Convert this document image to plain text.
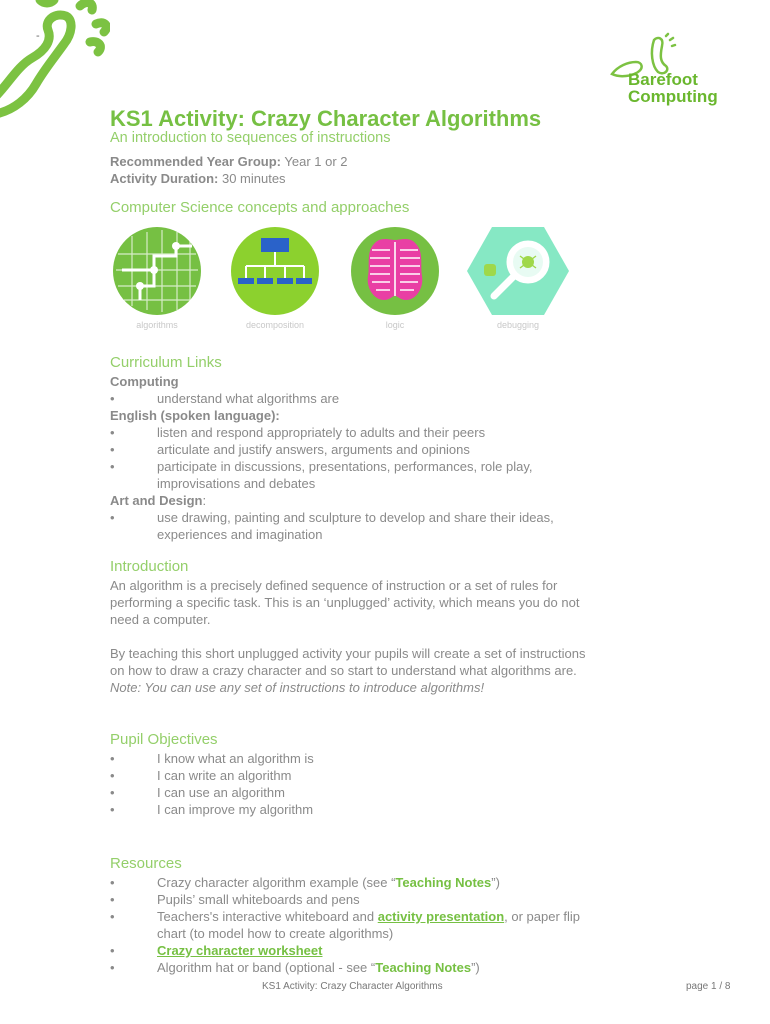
-
Barefoot
Computing
KS1 Activity: Crazy Character Algorithms
An introduction to sequences of instructions
Recommended Year Group: Year 1 or 2
Activity Duration: 30 minutes
Computer Science concepts and approaches
algorithms	decomposition	logic	debugging
Curriculum Links
Computing
•	understand what algorithms are
English (spoken language):
•	listen and respond appropriately to adults and their peers
•	articulate and justify answers, arguments and opinions
•	participate in discussions, presentations, performances, role play,
improvisations and debates
Art and Design:
•	use drawing, painting and sculpture to develop and share their ideas,
experiences and imagination
Introduction
An algorithm is a precisely defined sequence of instruction or a set of rules for
performing a specific task. This is an ‘unplugged’ activity, which means you do not
need a computer.
By teaching this short unplugged activity your pupils will create a set of instructions
on how to draw a crazy character and so start to understand what algorithms are.
Note: You can use any set of instructions to introduce algorithms!
Pupil Objectives
•	I know what an algorithm is
•	I can write an algorithm
•	I can use an algorithm
•	I can improve my algorithm
Resources
•	Crazy character algorithm example (see “Teaching Notes”)
•	Pupils’ small whiteboards and pens
•	Teachers's interactive whiteboard and activity presentation, or paper flip
chart (to model how to create algorithms)
•	Crazy character worksheet
•	Algorithm hat or band (optional - see “Teaching Notes”)
KS1 Activity: Crazy Character Algorithms	page 1 / 8
